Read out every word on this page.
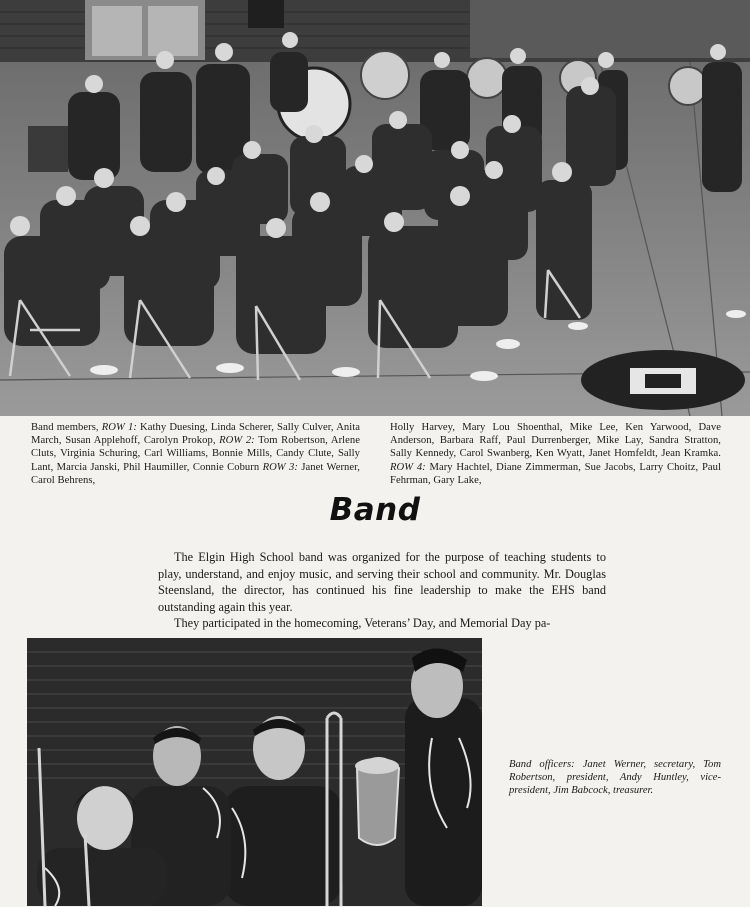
Band members, ROW 1: Kathy Duesing, Linda Scherer, Sally Culver, Anita March, Susan Applehoff, Carolyn Prokop, ROW 2: Tom Robertson, Arlene Cluts, Virginia Schuring, Carl Williams, Bonnie Mills, Candy Clute, Sally Lant, Marcia Janski, Phil Haumiller, Connie Coburn ROW 3: Janet Werner, Carol Behrens,
Holly Harvey, Mary Lou Shoenthal, Mike Lee, Ken Yarwood, Dave Anderson, Barbara Raff, Paul Durrenberger, Mike Lay, Sandra Stratton, Sally Kennedy, Carol Swanberg, Ken Wyatt, Janet Homfeldt, Jean Kramka. ROW 4: Mary Hachtel, Diane Zimmerman, Sue Jacobs, Larry Choitz, Paul Fehrman, Gary Lake,
Band

The Elgin High School band was organized for the purpose of teaching students to play, understand, and enjoy music, and serving their school and community. Mr. Douglas Steensland, the director, has continued his fine leadership to make the EHS band outstanding again this year.

They participated in the homecoming, Veterans’ Day, and Memorial Day pa-

Band officers: Janet Werner, secretary, Tom Robertson, president, Andy Huntley, vice-president, Jim Babcock, treasurer.
